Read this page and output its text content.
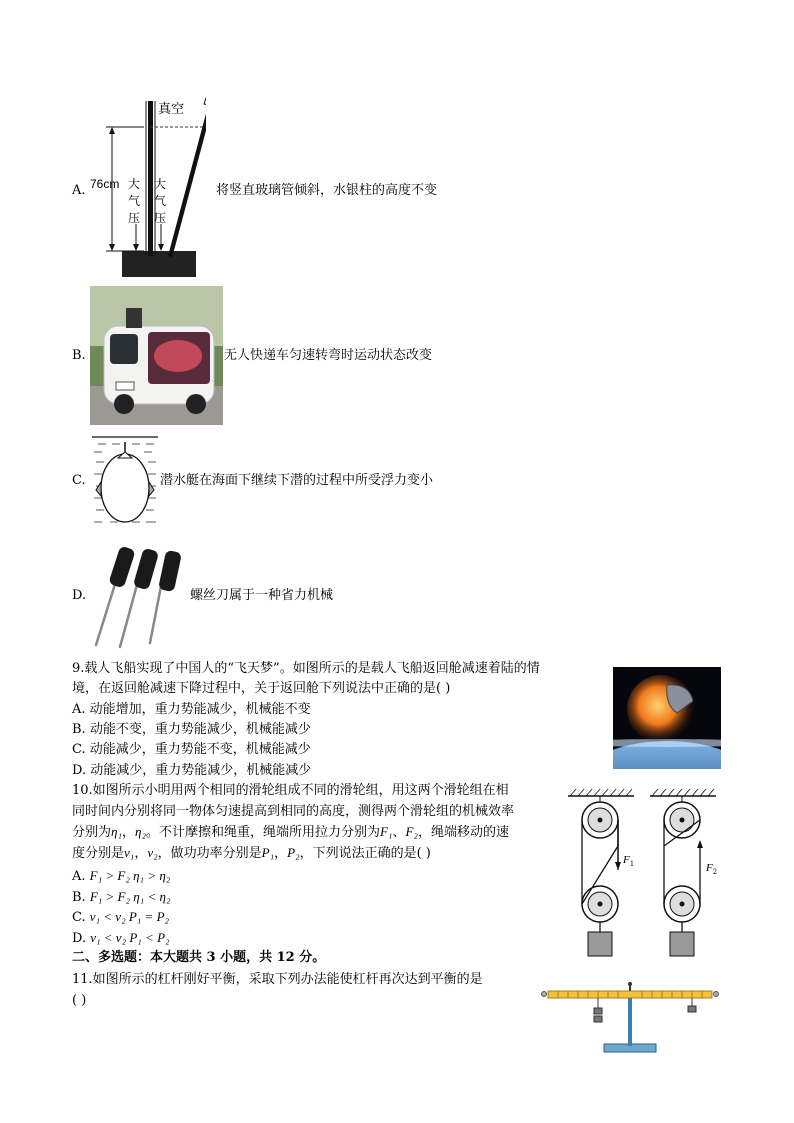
A.
真空
76cm 大
气
压
大
气
压
将竖直玻璃管倾斜，水银柱的高度不变
B.	无人快递车匀速转弯时运动状态改变
C.	潜水艇在海面下继续下潜的过程中所受浮力变小
D.	螺丝刀属于一种省力机械
9.载人飞船实现了中国人的“飞天梦”。如图所示的是载人飞船返回舱减速着陆的情
境，在返回舱减速下降过程中，关于返回舱下列说法中正确的是( )
A. 动能增加，重力势能减少，机械能不变
B. 动能不变，重力势能减少，机械能减少
C. 动能减少，重力势能不变，机械能减少
D. 动能减少，重力势能减少，机械能减少
10.如图所示小明用两个相同的滑轮组成不同的滑轮组，用这两个滑轮组在相
同时间内分别将同一物体匀速提高到相同的高度，测得两个滑轮组的机械效率
分别为η₁，η₂。不计摩擦和绳重，绳端所用拉力分别为F₁、F₂，绳端移动的速
度分别是v₁，v₂，做功功率分别是P₁，P₂，下列说法正确的是( )
A. F₁ > F₂ η₁ > η₂
B. F₁ > F₂ η₁ < η₂
C. v₁ < v₂ P₁ = P₂
D. v₁ < v₂ P₁ < P₂
$F_1$	$F_2$
二、多选题：本大题共 3 小题，共 12 分。
11.如图所示的杠杆刚好平衡，采取下列办法能使杠杆再次达到平衡的是
( )
